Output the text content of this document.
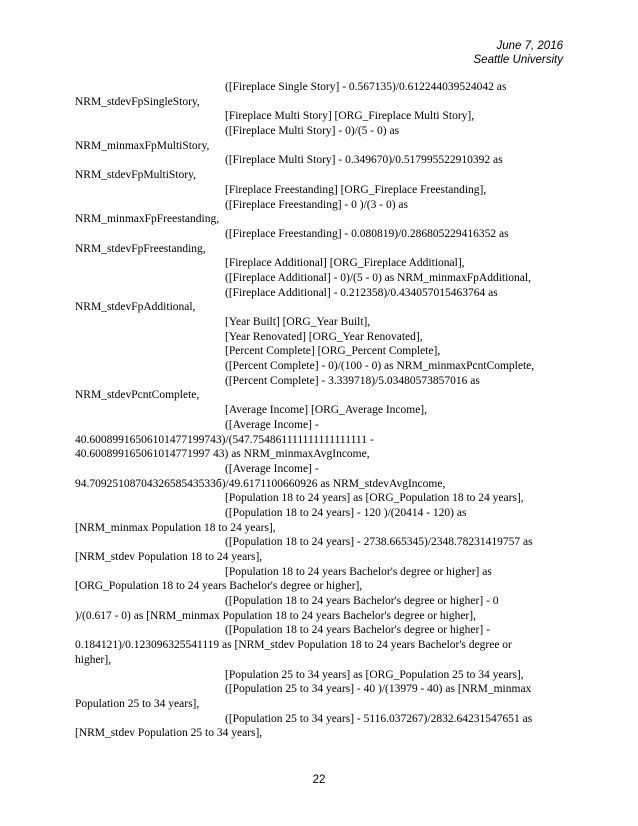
June 7, 2016
Seattle University
([Fireplace Single Story] - 0.567135)/0.612244039524042 as
NRM_stdevFpSingleStory,
[Fireplace Multi Story] [ORG_Fireplace Multi Story],
([Fireplace Multi Story] - 0)/(5 - 0) as
NRM_minmaxFpMultiStory,
([Fireplace Multi Story] - 0.349670)/0.517995522910392 as
NRM_stdevFpMultiStory,
[Fireplace Freestanding] [ORG_Fireplace Freestanding],
([Fireplace Freestanding] - 0 )/(3 - 0) as
NRM_minmaxFpFreestanding,
([Fireplace Freestanding] - 0.080819)/0.286805229416352 as
NRM_stdevFpFreestanding,
[Fireplace Additional] [ORG_Fireplace Additional],
([Fireplace Additional] - 0)/(5 - 0) as NRM_minmaxFpAdditional,
([Fireplace Additional] - 0.212358)/0.434057015463764 as
NRM_stdevFpAdditional,
[Year Built] [ORG_Year Built],
[Year Renovated] [ORG_Year Renovated],
[Percent Complete] [ORG_Percent Complete],
([Percent Complete] - 0)/(100 - 0) as NRM_minmaxPcntComplete,
([Percent Complete] - 3.339718)/5.03480573857016 as
NRM_stdevPcntComplete,
[Average Income] [ORG_Average Income],
([Average Income] -
40.6008991650610147719974З)/(547.754861111111111111111 -
40.600899165061014771997 43) as NRM_minmaxAvgIncome,
([Average Income] -
94.7092510870432658543533б)/49.6171100660926 as NRM_stdevAvgIncome,
[Population 18 to 24 years] as [ORG_Population 18 to 24 years],
([Population 18 to 24 years] - 120 )/(20414 - 120) as
[NRM_minmax Population 18 to 24 years],
([Population 18 to 24 years] - 2738.665345)/2348.78231419757 as
[NRM_stdev Population 18 to 24 years],
[Population 18 to 24 years Bachelor's degree or higher] as
[ORG_Population 18 to 24 years Bachelor's degree or higher],
([Population 18 to 24 years Bachelor's degree or higher] - 0
)/(0.617 - 0) as [NRM_minmax Population 18 to 24 years Bachelor's degree or higher],
([Population 18 to 24 years Bachelor's degree or higher] -
0.184121)/0.123096325541119 as [NRM_stdev Population 18 to 24 years Bachelor's degree or
higher],
[Population 25 to 34 years] as [ORG_Population 25 to 34 years],
([Population 25 to 34 years] - 40 )/(13979 - 40) as [NRM_minmax
Population 25 to 34 years],
([Population 25 to 34 years] - 5116.037267)/2832.64231547651 as
[NRM_stdev Population 25 to 34 years],
22
